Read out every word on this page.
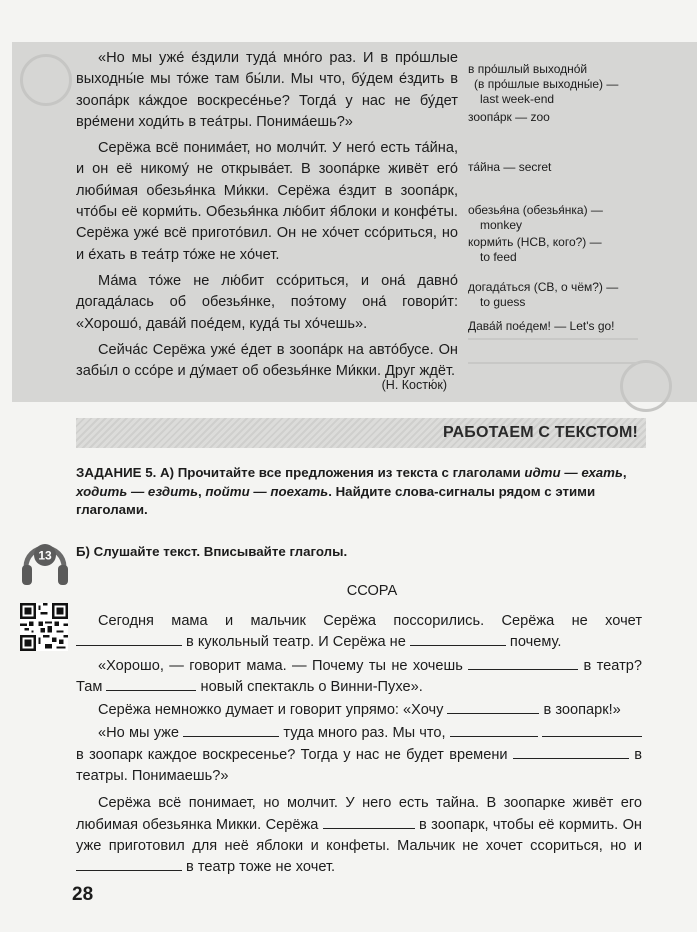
«Но мы уже́ е́здили туда́ мно́го раз. И в про́шлые выходны́е мы то́же там бы́ли. Мы что, бу́дем е́здить в зоопа́рк ка́ждое воскресе́нье? Тогда́ у нас не бу́дет вре́мени ходи́ть в теа́тры. Понима́ешь?»

Серёжа всё понима́ет, но молчи́т. У него́ есть та́йна, и он её никому́ не открыва́ет. В зоопа́рке живёт его́ люби́мая обезья́нка Ми́кки. Серёжа е́здит в зоопа́рк, что́бы её корми́ть. Обезья́нка лю́бит я́блоки и конфе́ты. Серёжа уже́ всё пригото́вил. Он не хо́чет ссо́риться, но и е́хать в теа́тр то́же не хо́чет.

Ма́ма то́же не лю́бит ссо́риться, и она́ давно́ догада́лась об обезья́нке, поэ́тому она́ говори́т: «Хорошо́, дава́й пое́дем, куда́ ты хо́чешь».

Сейча́с Серёжа уже́ е́дет в зоопа́рк на авто́бусе. Он забы́л о ссо́ре и ду́мает об обезья́нке Ми́кки. Друг ждёт.

(Н. Костю́к)
в про́шлый выходно́й
(в про́шлые выходны́е) —
last week-end
зоопа́рк — zoo
та́йна — secret
обезья́на (обезья́нка) —
monkey
корми́ть (НСВ, кого?) —
to feed
догада́ться (СВ, о чём?) —
to guess
Дава́й пое́дем! — Let's go!
РАБОТАЕМ С ТЕКСТОМ!
ЗАДАНИЕ 5. А) Прочитайте все предложения из текста с глаголами идти — ехать, ходить — ездить, пойти — поехать. Найдите слова-сигналы рядом с этими глаголами.
13 Б) Слушайте текст. Вписывайте глаголы.
ССОРА

Сегодня мама и мальчик Серёжа поссорились. Серёжа не хочет  в кукольный театр. И Серёжа не	почему.

«Хорошо, — говорит мама. — Почему ты не хочешь	в театр? Там	новый спектакль о Винни-Пухе».

Серёжа немножко думает и говорит упрямо: «Хочу	в зоопарк!»

«Но мы уже	туда много раз. Мы что,   в зоопарк каждое воскресенье? Тогда у нас не будет времени	в театры. Понимаешь?»

Серёжа всё понимает, но молчит. У него есть тайна. В зоопарке живёт его любимая обезьянка Микки. Серёжа	в зоопарк, чтобы её кормить. Он уже приготовил для неё яблоки и конфеты. Мальчик не хочет ссориться, но и  в театр тоже не хочет.

28
